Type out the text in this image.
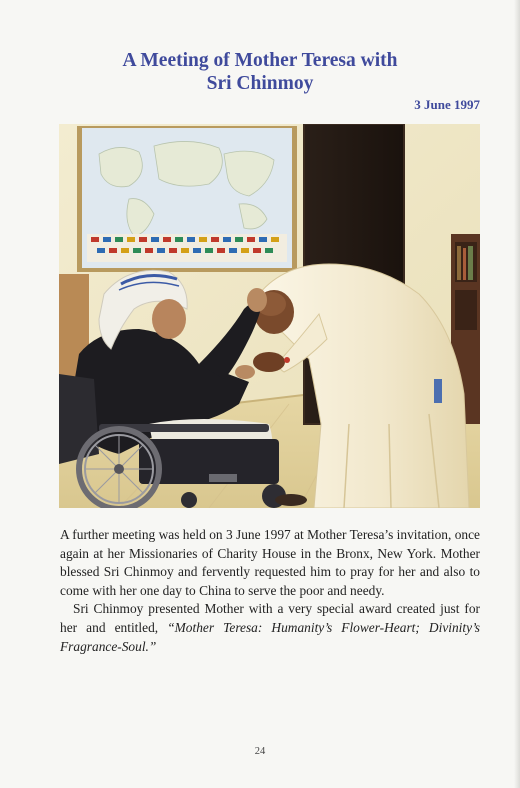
A Meeting of Mother Teresa with
Sri Chinmoy
3 June 1997

A further meeting was held on 3 June 1997 at Mother Teresa’s invitation, once again at her Missionaries of Charity House in the Bronx, New York. Mother blessed Sri Chinmoy and fervently requested him to pray for her and also to come with her one day to China to serve the poor and needy.

Sri Chinmoy presented Mother with a very special award created just for her and entitled, “Mother Teresa: Humanity’s Flower-Heart; Divinity’s Fragrance-Soul.”

24
